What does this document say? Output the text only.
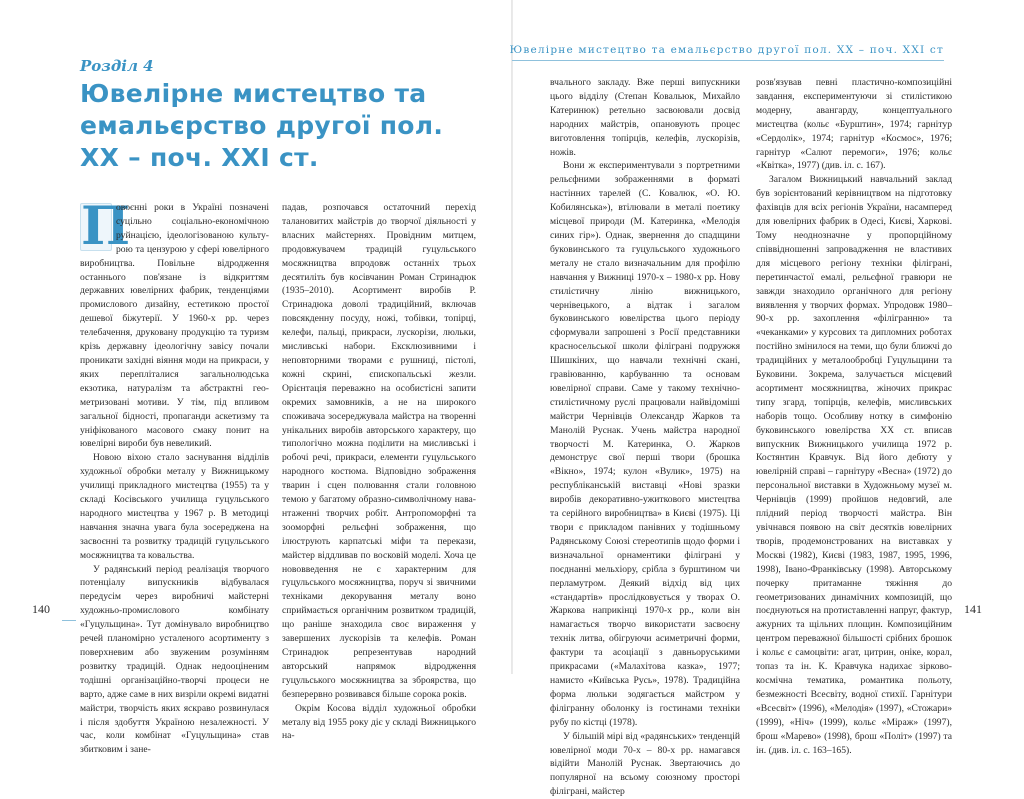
Розділ 4
Ювелірне мистецтво та емальєрство другої пол. ХХ – поч. ХХІ ст.
П

овоєнні роки в Україні позначені суцільно соціально-економічною руйнацією, ідеологізованою культурою та цензурою у сфері ювелірного виробництва. Повільне відродження останнього пов'язане із відкриттям державних ювелірних фабрик, тенденціями промислового дизайну, естетикою простої дешевої біжутерії. У 1960-х рр. через телебачення, друковану продукцію та туризм крізь державну ідеологічну завісу почали проникати західні віяння моди на прикраси, у яких перепліталися загальнолюдська екзотика, натуралізм та абстрактні геометризовані мотиви. У тім, під впливом загальної бідності, пропаганди аскетизму та уніфікованого масового смаку понит на ювелірні вироби був невеликий.

Новою віхою стало заснування відділів художньої обробки металу у Вижницькому училищі прикладного мистецтва (1955) та у складі Косівського училища гуцульського народного мистецтва у 1967 р. В методиці навчання значна увага була зосереджена на засвоєнні та розвитку традицій гуцульського мосяжництва та ковальства.

У радянський період реалізація творчого потенціалу випускників відбувалася передусім через виробничі майстерні художньо-промислового комбінату «Гуцульщина». Тут домінувало виробництво речей планомірно усталеного асортименту з поверхневим або звуженим розумінням розвитку традицій. Однак недооціненим тодішні організаційно-творчі процеси не варто, адже саме в них визріли окремі видатні майстри, творчість яких яскраво розвинулася і після здобуття Україною незалежності. У час, коли комбінат «Гуцульщина» став збитковим і зане-

падав, розпочався остаточний перехід талановитих майстрів до творчої діяльності у власних майстернях. Провідним митцем, продовжувачем традицій гуцульського мосяжництва впродовж останніх трьох десятиліть був косівчанин Роман Стринадюк (1935–2010). Асортимент виробів Р. Стринадюка доволі традиційний, включав повсякденну посуду, ножі, тобівки, топірці, келефи, пальці, прикраси, лускорізи, люльки, мисливські набори. Ексклюзивними і неповторними творами є рушниці, пістолі, кожні скрині, єпископальські жезли. Орієнтація переважно на особистісні запити окремих замовників, а не на широкого споживача зосереджувала майстра на творенні унікальних виробів авторського характеру, що типологічно можна поділити на мисливські і робочі речі, прикраси, елементи гуцульського народного костюма. Відповідно зображення тварин і сцен полювання стали головною темою у багатому образно-символічному навантаженні творчих робіт. Антропоморфні та зооморфні рельєфні зображення, що ілюструють карпатські міфи та перекази, майстер віддливав по восковій моделі. Хоча це нововведення не є характерним для гуцульського мосяжництва, поруч зі звичними техніками декорування металу воно сприймається органічним розвитком традицій, що раніше знаходила своє вираження у завершених лускорізів та келефів. Роман Стринадюк репрезентував народний авторський напрямок відродження гуцульського мосяжництва за зброярства, що безперервно розвивався більше сорока років.

Окрім Косова відділ художньої обробки металу від 1955 року діє у складі Вижницького на-

140
Ювелірне мистецтво та емальєрство другої пол. ХХ – поч. ХХІ ст

вчального закладу. Вже перші випускники цього відділу (Степан Ковальюк, Михайло Катеринюк) ретельно засвоювали досвід народних майстрів, опановують процес виготовлення топірців, келефів, лускорізів, ножів.

Вони ж експериментували з портретними рельєфними зображеннями в форматі настінних тарелей (С. Ковалюк, «О. Ю. Кобилянська»), втілювали в металі поетику місцевої природи (М. Катеринка, «Мелодія синих гір»). Однак, звернення до спадщини буковинського та гуцульського художнього металу не стало визначальним для профілю навчання у Вижниці 1970-х – 1980-х рр. Нову стилістичну лінію вижницького, чернівецького, а відтак і загалом буковинського ювелірства цього періоду сформували запрошені з Росії представники красносельської школи філіграні подружжя Шишкіних, що навчали технічні скані, гравіюванню, карбуванню та основам ювелірної справи. Саме у такому технічно-стилістичному руслі працювали найвідоміші майстри Чернівців Олександр Жарков та Манолій Руснак. Учень майстра народної творчості М. Катеринка, О. Жарков демонструє свої перші твори (брошка «Вікно», 1974; кулон «Вулик», 1975) на республіканській виставці «Нові зразки виробів декоративно-ужиткового мистецтва та серійного виробництва» в Києві (1975). Ці твори є прикладом панівних у тодішньому Радянському Союзі стереотипів щодо форми і визначальної орнаментики філіграні у поєднанні мельхіору, срібла з бурштином чи перламутром. Деякий відхід від цих «стандартів» прослідковується у творах О. Жаркова наприкінці 1970-х рр., коли він намагається творчо використати засвоєну технік литва, обігруючи асиметричні форми, фактури та асоціації з давньоруськими прикрасами («Малахітова казка», 1977; намисто «Київська Русь», 1978). Традиційна форма люльки зодягається майстром у філігранну оболонку із гостинами техніки рубу по кістці (1978).

У більшій мірі від «радянських» тенденцій ювелірної моди 70-х – 80-х рр. намагався відійти Манолій Руснак. Звертаючись до популярної на всьому союзному просторі філіграні, майстер

розв'язував певні пластично-композиційні завдання, експериментуючи зі стилістикою модерну, авангарду, концептуального мистецтва (кольє «Бурштин», 1974; гарнітур «Сердолік», 1974; гарнітур «Космос», 1976; гарнітур «Салют перемоги», 1976; кольє «Квітка», 1977) (див. іл. с. 167).

Загалом Вижницький навчальний заклад був зорієнтований керівництвом на підготовку фахівців для всіх регіонів України, насамперед для ювелірних фабрик в Одесі, Києві, Харкові. Тому неоднозначне у пропорційному співвідношенні запровадження не властивих для місцевого регіону техніки філіграні, перетинчастої емалі, рельєфної гравюри не завжди знаходило органічного для регіону виявлення у творчих формах. Упродовж 1980–90-х рр. захоплення «філігранню» та «чеканками» у курсових та дипломних роботах постійно змінилося на теми, що були ближчі до традиційних у металообробці Гуцульщини та Буковини. Зокрема, залучається місцевий асортимент мосяжництва, жіночих прикрас типу згард, топірців, келефів, мисливських наборів тощо. Особливу нотку в симфонію буковинського ювелірства ХХ ст. вписав випускник Вижницького училища 1972 р. Костянтин Кравчук. Від його дебюту у ювелірній справі – гарнітуру «Весна» (1972) до персональної виставки в Художньому музеї м. Чернівців (1999) пройшов недовгий, але плідний період творчості майстра. Він увічнався появою на світ десятків ювелірних творів, продемонстрованих на виставках у Москві (1982), Києві (1983, 1987, 1995, 1996, 1998), Івано-Франківську (1998). Авторському почерку притаманне тяжіння до геометризованих динамічних композицій, що поєднуються на протиставленні напруг, фактур, ажурних та щільних площин. Композиційним центром переважної більшості срібних брошок і кольє є самоцвіти: агат, цитрин, оніке, корал, топаз та ін. К. Кравчука надихає зірково-космічна тематика, романтика польоту, безмежності Всесвіту, водної стихії. Гарнітури «Всесвіт» (1996), «Мелодія» (1997), «Стожари» (1999), «Ніч» (1999), кольє «Міраж» (1997), брош «Марево» (1998), брош «Політ» (1997) та ін. (див. іл. с. 163–165).

141
